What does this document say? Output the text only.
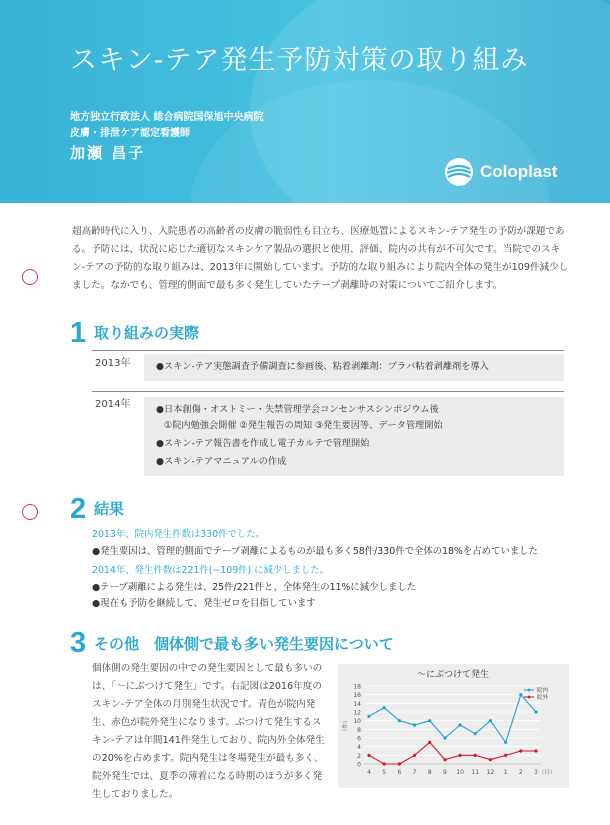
スキン‐テア発生予防対策の取り組み
地方独立行政法人 総合病院国保旭中央病院
皮膚・排泄ケア認定看護師
加瀬 昌子
Coloplast
超高齢時代に入り、入院患者の高齢者の皮膚の脆弱性も目立ち、医療処置によるスキン‐テア発生の予防が課題である。予防には、状況に応じた適切なスキンケア製品の選択と使用、評価、院内の共有が不可欠です。当院でのスキン‐テアの予防的な取り組みは、2013年に開始しています。予防的な取り組みにより院内全体の発生が109件減少しました。なかでも、管理的側面で最も多く発生していたテープ剥離時の対策についてご紹介します。
1 取り組みの実際
2013年	●スキン‐テア実態調査予備調査に参画後、粘着剥離剤：プラバ粘着剥離剤を導入
2014年	●日本創傷・オストミー・失禁管理学会コンセンサスシンポジウム後
①院内勉強会開催 ②発生報告の周知 ③発生要因等、データ管理開始
●スキン‐テア報告書を作成し電子カルテで管理開始
●スキン‐テアマニュアルの作成
2 結果
2013年、院内発生件数は330件でした。
●発生要因は、管理的側面でテープ剥離によるものが最も多く58件/330件で全体の18%を占めていました
2014年、発生件数は221件(−109件) に減少しました。
●テープ剥離による発生は、25件/221件と、全体発生の11%に減少しました
●現在も予防を継続して、発生ゼロを目指しています
3 その他　個体側で最も多い発生要因について
個体側の発生要因の中での発生要因として最も多いのは、「〜にぶつけて発生」です。右記図は2016年度のスキン‐テア全体の月別発生状況です。青色が院内発生、赤色が院外発生になります。ぶつけて発生するスキン‐テアは年間141件発生しており、院内外全体発生の20%を占めます。院内発生は冬場発生が最も多く、院外発生では、夏季の薄着になる時期のほうが多く発生しておりました。
〜にぶつけて発生
0
2
4
6
8
10
12
14
16
18
4 5 6 7 8 9 10 11 12 1 2 3 （月）
（件）
院内
院外
